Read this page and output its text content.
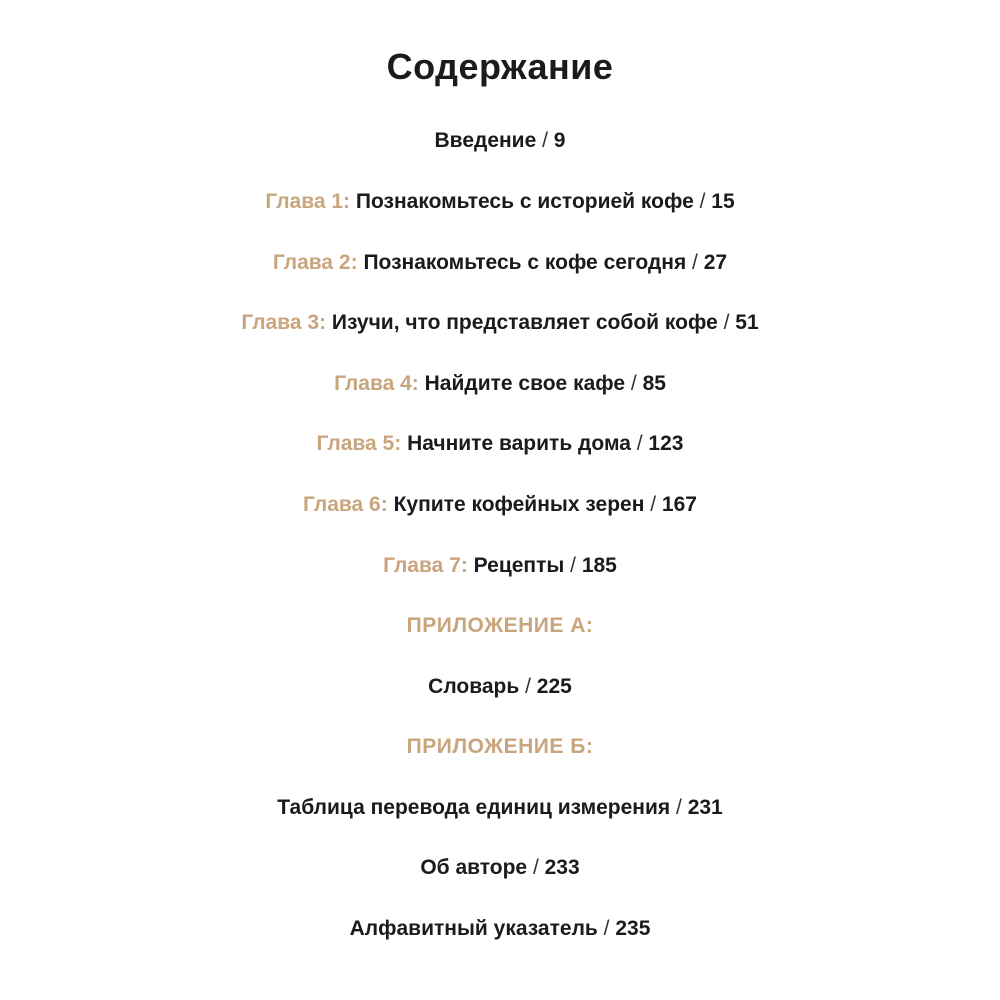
Содержание
Введение / 9
Глава 1: Познакомьтесь с историей кофе / 15
Глава 2: Познакомьтесь с кофе сегодня / 27
Глава 3: Изучи, что представляет собой кофе / 51
Глава 4: Найдите свое кафе / 85
Глава 5: Начните варить дома / 123
Глава 6: Купите кофейных зерен / 167
Глава 7: Рецепты / 185
ПРИЛОЖЕНИЕ А:
Словарь / 225
ПРИЛОЖЕНИЕ Б:
Таблица перевода единиц измерения / 231
Об авторе / 233
Алфавитный указатель / 235
